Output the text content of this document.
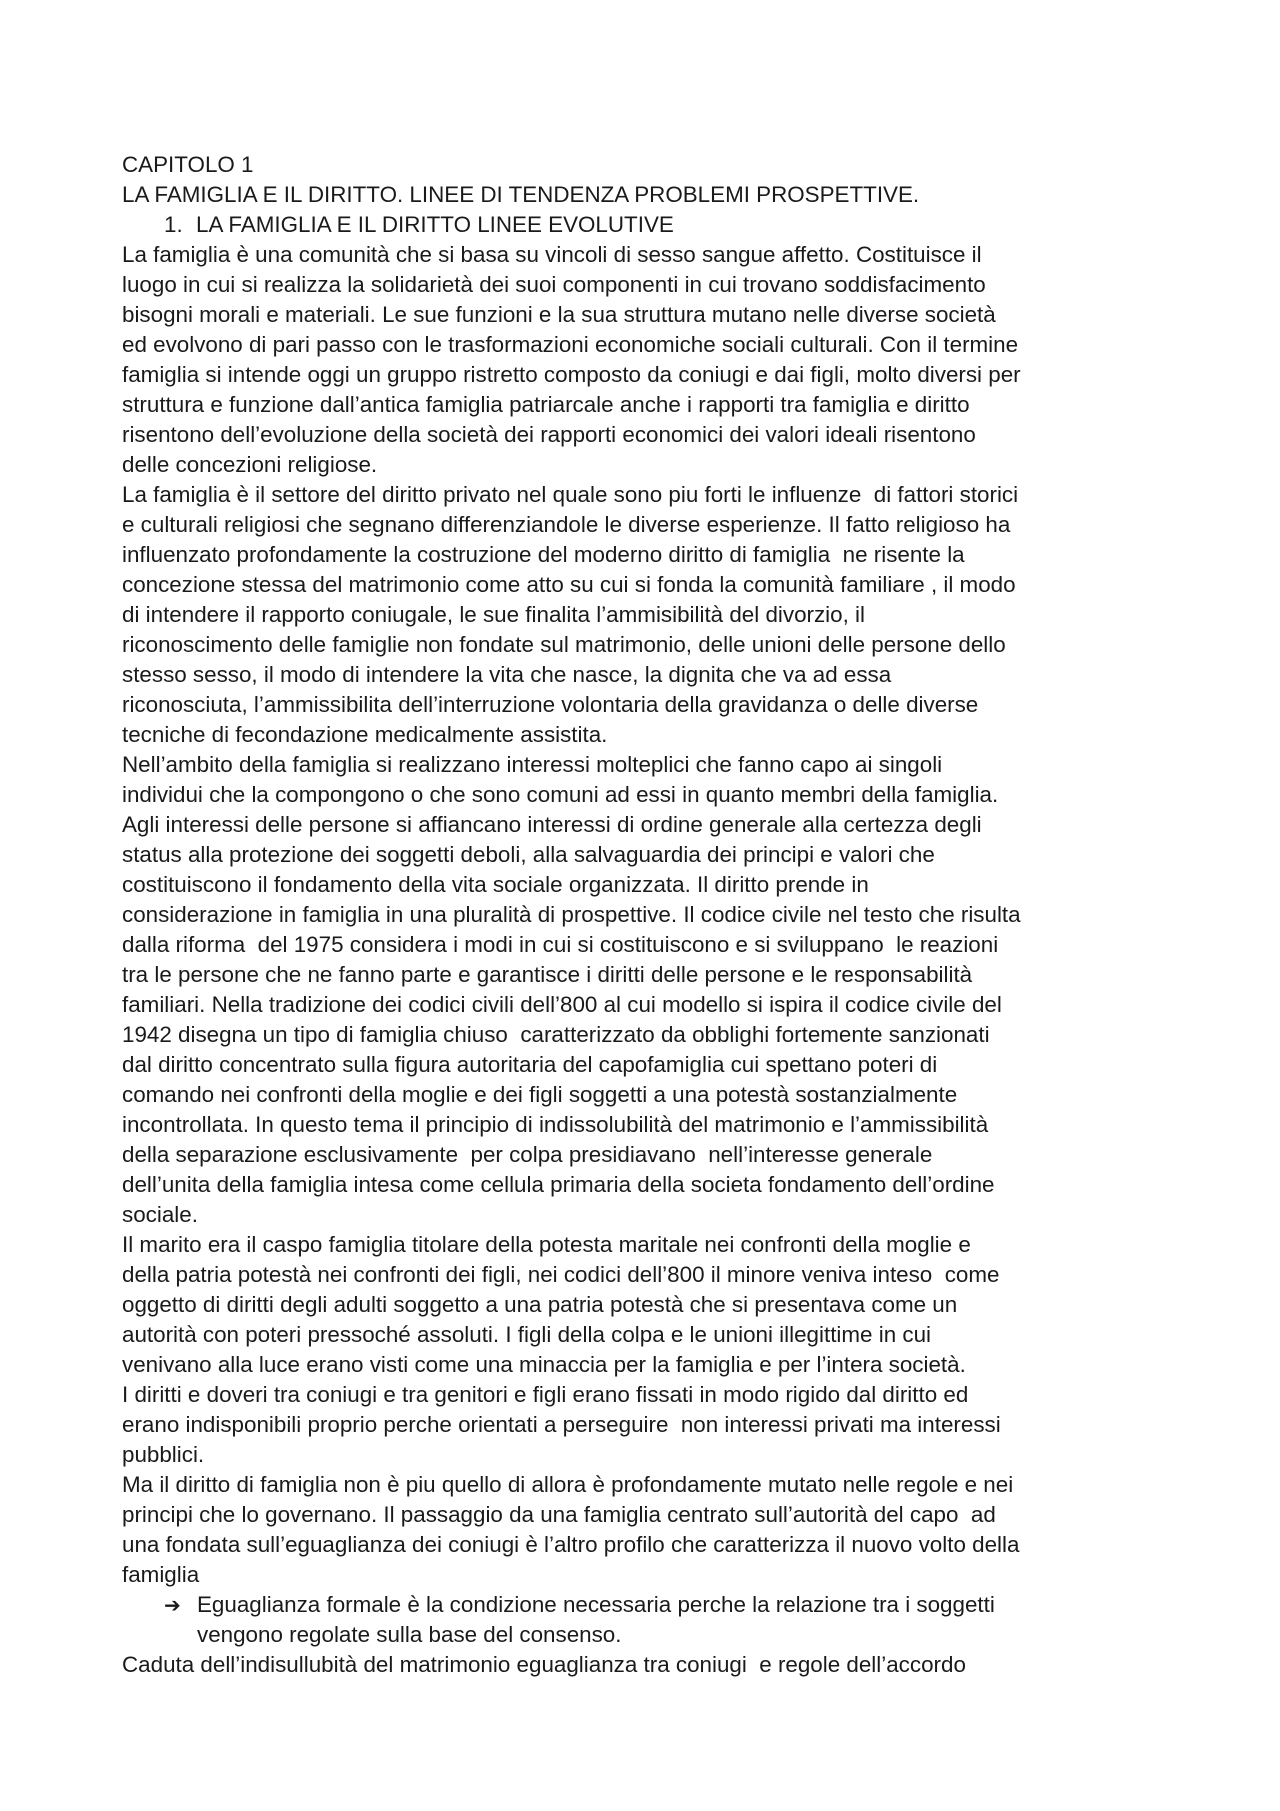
CAPITOLO 1
LA FAMIGLIA E IL DIRITTO. LINEE DI TENDENZA PROBLEMI PROSPETTIVE.
1. LA FAMIGLIA E IL DIRITTO LINEE EVOLUTIVE
La famiglia è una comunità che si basa su vincoli di sesso sangue affetto. Costituisce il
luogo in cui si realizza la solidarietà dei suoi componenti in cui trovano soddisfacimento
bisogni morali e materiali. Le sue funzioni e la sua struttura mutano nelle diverse società
ed evolvono di pari passo con le trasformazioni economiche sociali culturali. Con il termine
famiglia si intende oggi un gruppo ristretto composto da coniugi e dai figli, molto diversi per
struttura e funzione dall’antica famiglia patriarcale anche i rapporti tra famiglia e diritto
risentono dell’evoluzione della società dei rapporti economici dei valori ideali risentono
delle concezioni religiose.
La famiglia è il settore del diritto privato nel quale sono piu forti le influenze  di fattori storici
e culturali religiosi che segnano differenziandole le diverse esperienze. Il fatto religioso ha
influenzato profondamente la costruzione del moderno diritto di famiglia  ne risente la
concezione stessa del matrimonio come atto su cui si fonda la comunità familiare , il modo
di intendere il rapporto coniugale, le sue finalita l’ammisibilità del divorzio, il
riconoscimento delle famiglie non fondate sul matrimonio, delle unioni delle persone dello
stesso sesso, il modo di intendere la vita che nasce, la dignita che va ad essa
riconosciuta, l’ammissibilita dell’interruzione volontaria della gravidanza o delle diverse
tecniche di fecondazione medicalmente assistita.
Nell’ambito della famiglia si realizzano interessi molteplici che fanno capo ai singoli
individui che la compongono o che sono comuni ad essi in quanto membri della famiglia.
Agli interessi delle persone si affiancano interessi di ordine generale alla certezza degli
status alla protezione dei soggetti deboli, alla salvaguardia dei principi e valori che
costituiscono il fondamento della vita sociale organizzata. Il diritto prende in
considerazione in famiglia in una pluralità di prospettive. Il codice civile nel testo che risulta
dalla riforma  del 1975 considera i modi in cui si costituiscono e si sviluppano  le reazioni
tra le persone che ne fanno parte e garantisce i diritti delle persone e le responsabilità
familiari. Nella tradizione dei codici civili dell’800 al cui modello si ispira il codice civile del
1942 disegna un tipo di famiglia chiuso  caratterizzato da obblighi fortemente sanzionati
dal diritto concentrato sulla figura autoritaria del capofamiglia cui spettano poteri di
comando nei confronti della moglie e dei figli soggetti a una potestà sostanzialmente
incontrollata. In questo tema il principio di indissolubilità del matrimonio e l’ammissibilità
della separazione esclusivamente  per colpa presidiavano  nell’interesse generale
dell’unita della famiglia intesa come cellula primaria della societa fondamento dell’ordine
sociale.
Il marito era il caspo famiglia titolare della potesta maritale nei confronti della moglie e
della patria potestà nei confronti dei figli, nei codici dell’800 il minore veniva inteso  come
oggetto di diritti degli adulti soggetto a una patria potestà che si presentava come un
autorità con poteri pressoché assoluti. I figli della colpa e le unioni illegittime in cui
venivano alla luce erano visti come una minaccia per la famiglia e per l’intera società.
I diritti e doveri tra coniugi e tra genitori e figli erano fissati in modo rigido dal diritto ed
erano indisponibili proprio perche orientati a perseguire  non interessi privati ma interessi
pubblici.
Ma il diritto di famiglia non è piu quello di allora è profondamente mutato nelle regole e nei
principi che lo governano. Il passaggio da una famiglia centrato sull’autorità del capo  ad
una fondata sull’eguaglianza dei coniugi è l’altro profilo che caratterizza il nuovo volto della
famiglia
➔ Eguaglianza formale è la condizione necessaria perche la relazione tra i soggetti
vengono regolate sulla base del consenso.
Caduta dell’indisullubità del matrimonio eguaglianza tra coniugi  e regole dell’accordo
